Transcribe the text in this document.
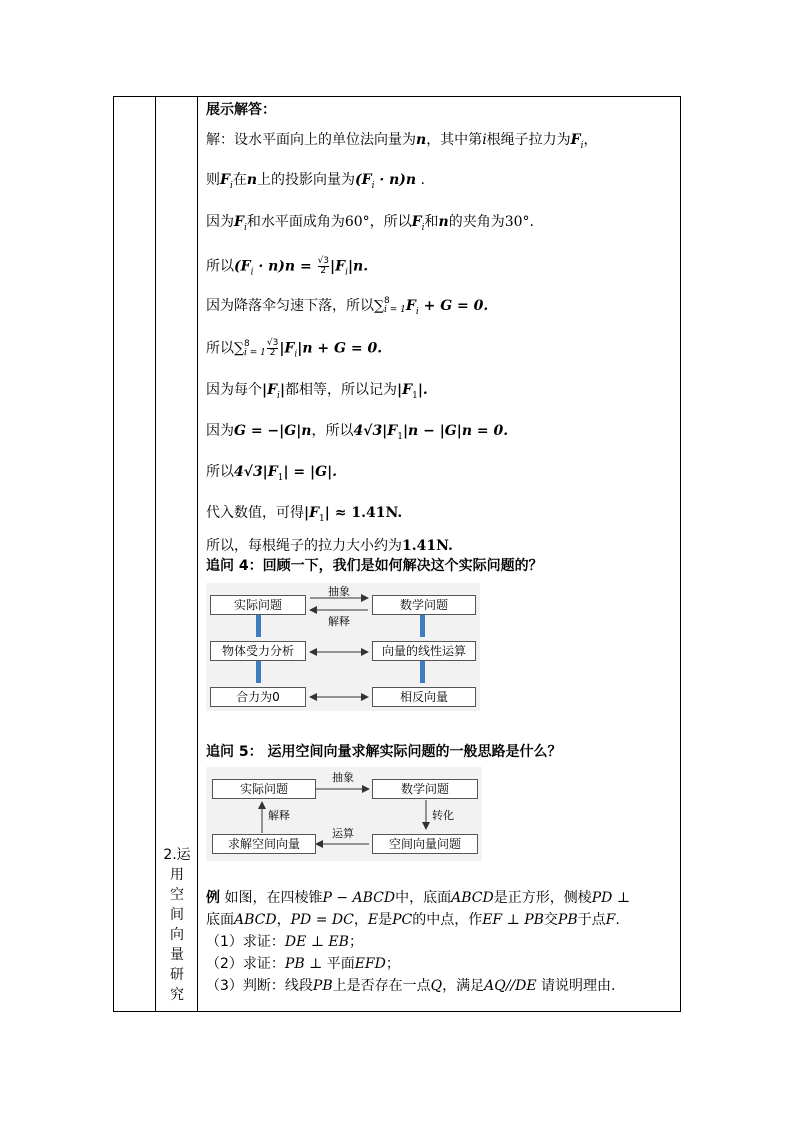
2.运
用
空
间
向
量
研
究
展示解答：
解：设水平面向上的单位法向量为n，其中第i根绳子拉力为$F_i$，
则$F_i$在n上的投影向量为$(F_i \cdot n)n$ .
因为$F_i$和水平面成角为60°，所以$F_i$和n的夹角为30°.
所以$(F_i \cdot n)n = \frac{√3}{2} |F_i|n$.
因为降落伞匀速下落，所以∑ 8
i = 1 $F_i + G = 0$.
所以∑ 8
$i = 1 \frac{√3}{2} |F_i|n + G = 0$.
因为每个$|F_i|$都相等，所以记为$|F_1|$.
因为G = −|G|n，所以$4√3|F_1|n - |G|n = 0$.
所以$4√3|F_1| = |G|$.
代入数值，可得$|F_1| \approx 1.41N$.
所以，每根绳子的拉力大小约为1.41N.
追问 4：回顾一下，我们是如何解决这个实际问题的？
实际问题	数学问题
物体受力分析	向量的线性运算
合力为0	相反向量
抽象
解释
追问 5： 运用空间向量求解实际问题的一般思路是什么？
实际问题	数学问题
求解空间向量	空间向量问题
抽象
转化
运算
解释
例 如图，在四棱锥P − ABCD中，底面ABCD是正方形，侧棱PD ⊥
底面ABCD，PD = DC，E是PC的中点，作EF ⊥ PB交PB于点F.
（1）求证：DE ⊥ EB；
（2）求证：PB ⊥ 平面EFD；
（3）判断：线段PB上是否存在一点Q，满足AQ//DE 请说明理由.
